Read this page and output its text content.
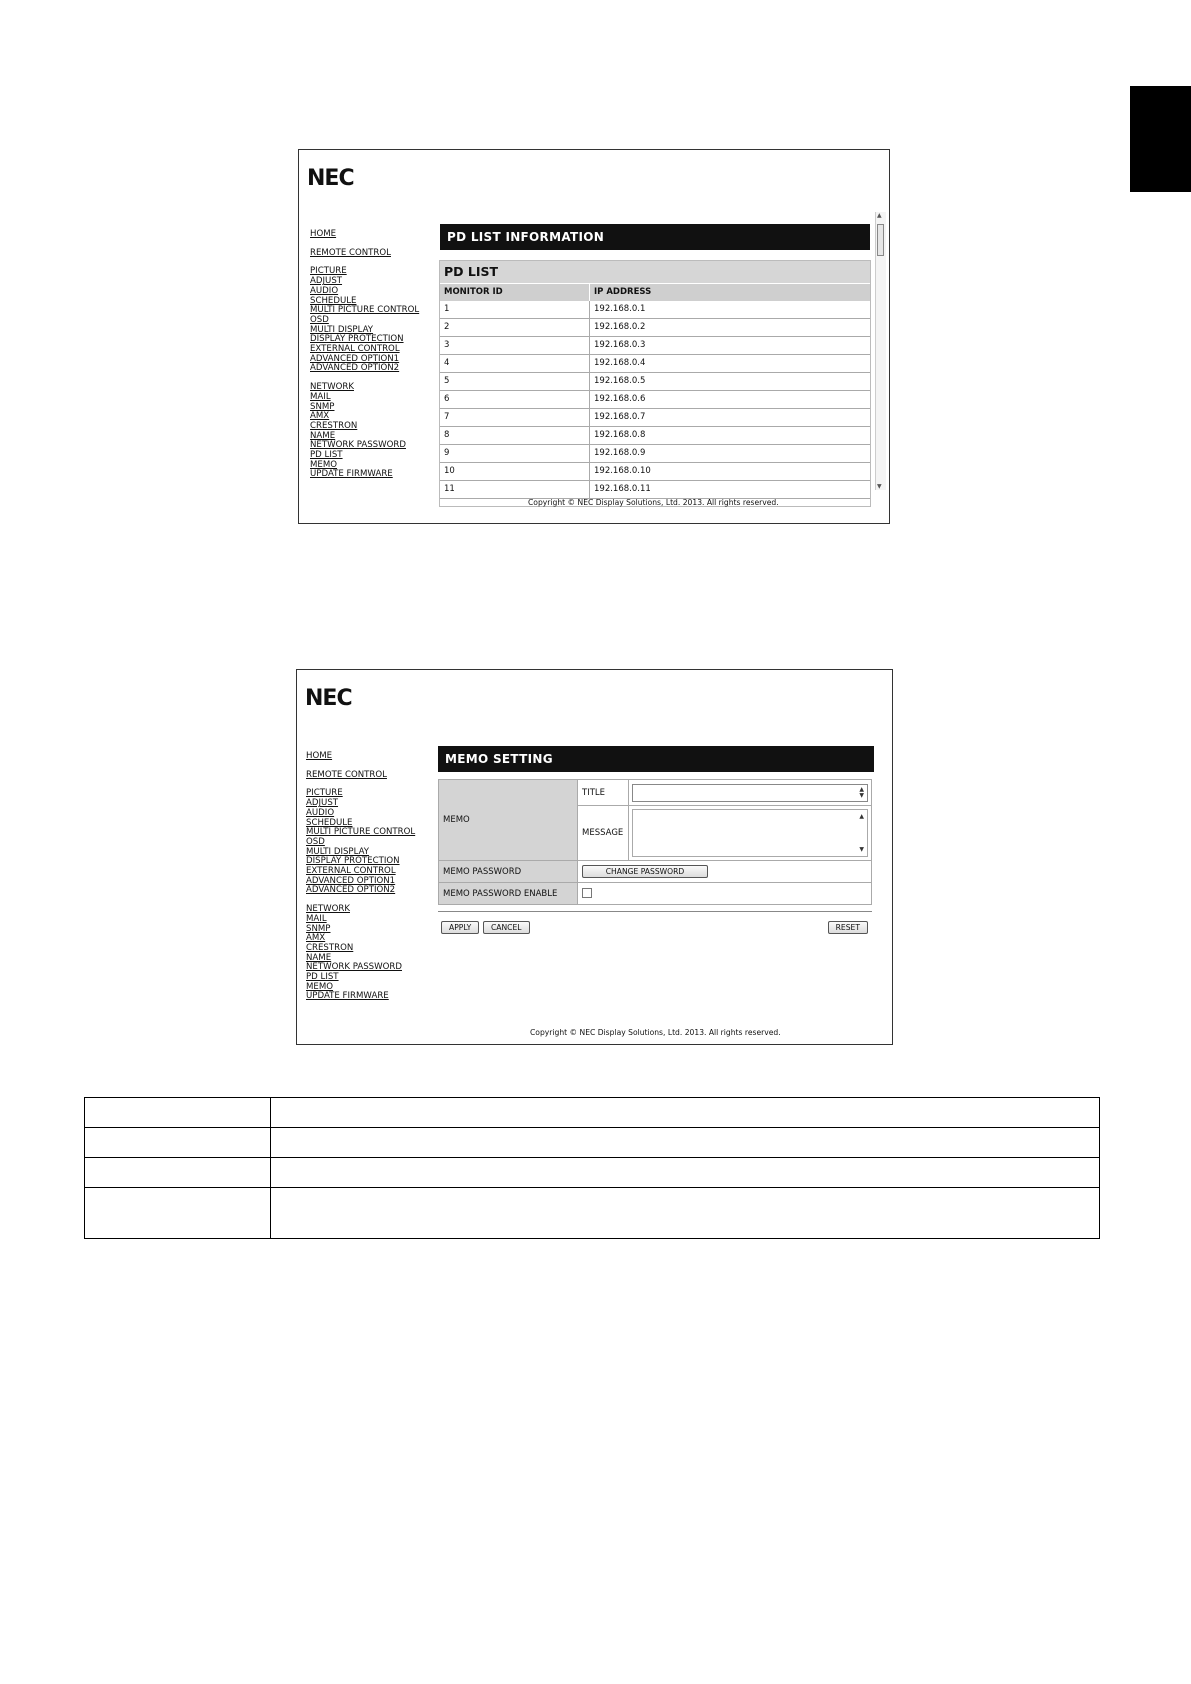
NEC
HOME
REMOTE CONTROL
PICTURE
ADJUST
AUDIO
SCHEDULE
MULTI PICTURE CONTROL
OSD
MULTI DISPLAY
DISPLAY PROTECTION
EXTERNAL CONTROL
ADVANCED OPTION1
ADVANCED OPTION2
NETWORK
MAIL
SNMP
AMX
CRESTRON
NAME
NETWORK PASSWORD
PD LIST
MEMO
UPDATE FIRMWARE
PD LIST INFORMATION
PD LIST
MONITOR ID	IP ADDRESS
1	192.168.0.1
2	192.168.0.2
3	192.168.0.3
4	192.168.0.4
5	192.168.0.5
6	192.168.0.6
7	192.168.0.7
8	192.168.0.8
9	192.168.0.9
10	192.168.0.10
11	192.168.0.11
▲
▼
Copyright © NEC Display Solutions, Ltd. 2013. All rights reserved.
NEC
HOME
REMOTE CONTROL
PICTURE
ADJUST
AUDIO
SCHEDULE
MULTI PICTURE CONTROL
OSD
MULTI DISPLAY
DISPLAY PROTECTION
EXTERNAL CONTROL
ADVANCED OPTION1
ADVANCED OPTION2
NETWORK
MAIL
SNMP
AMX
CRESTRON
NAME
NETWORK PASSWORD
PD LIST
MEMO
UPDATE FIRMWARE
MEMO SETTING
MEMO	TITLE	▲
▼

	MESSAGE	▲
▼

MEMO PASSWORD	CHANGE PASSWORD	
MEMO PASSWORD ENABLE		
APPLY	CANCEL	RESET
Copyright © NEC Display Solutions, Ltd. 2013. All rights reserved.
